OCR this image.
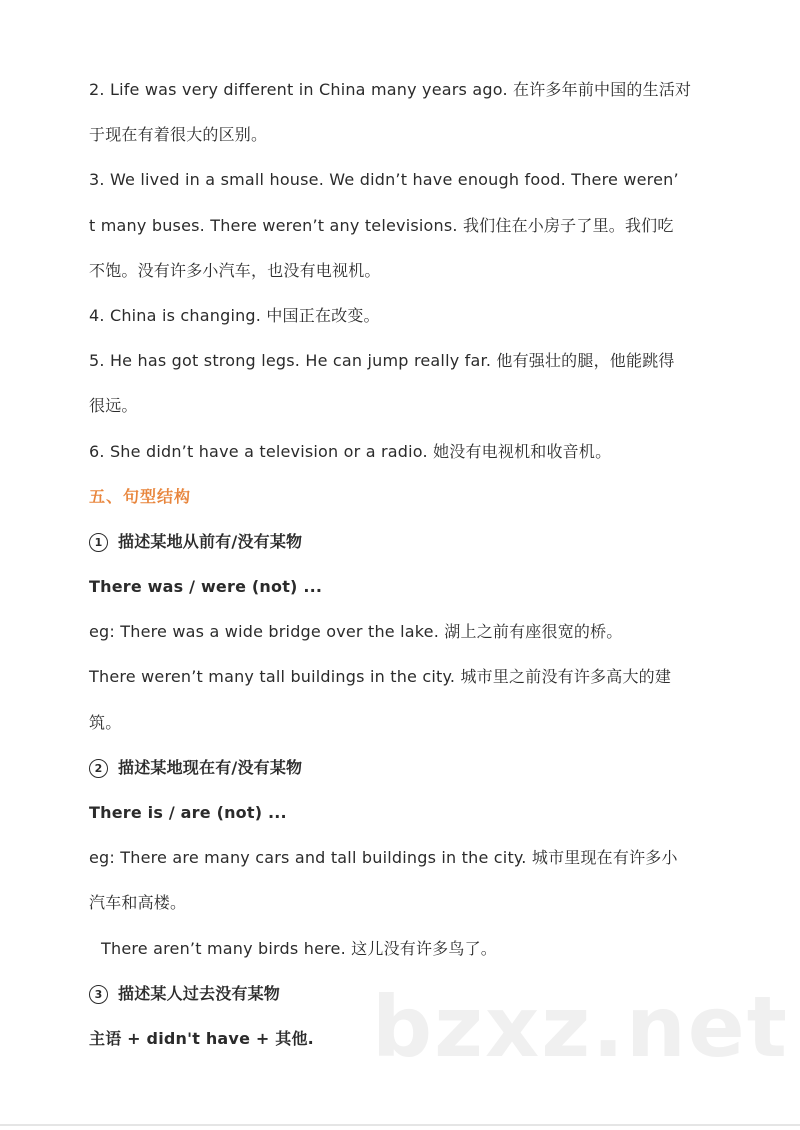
2. Life was very different in China many years ago. 在许多年前中国的生活对
于现在有着很大的区别。
3. We lived in a small house. We didn’t have enough food. There weren’
t many buses. There weren’t any televisions. 我们住在小房子了里。我们吃
不饱。没有许多小汽车，也没有电视机。
4. China is changing. 中国正在改变。
5. He has got strong legs. He can jump really far. 他有强壮的腿，他能跳得
很远。
6. She didn’t have a television or a radio. 她没有电视机和收音机。
五、句型结构
1 描述某地从前有/没有某物
There was / were (not) ...
eg: There was a wide bridge over the lake. 湖上之前有座很宽的桥。
There weren’t many tall buildings in the city. 城市里之前没有许多高大的建
筑。
2 描述某地现在有/没有某物
There is / are (not) ...
eg: There are many cars and tall buildings in the city. 城市里现在有许多小
汽车和高楼。
There aren’t many birds here. 这儿没有许多鸟了。
3 描述某人过去没有某物
主语 + didn't have + 其他. bzxz.net
